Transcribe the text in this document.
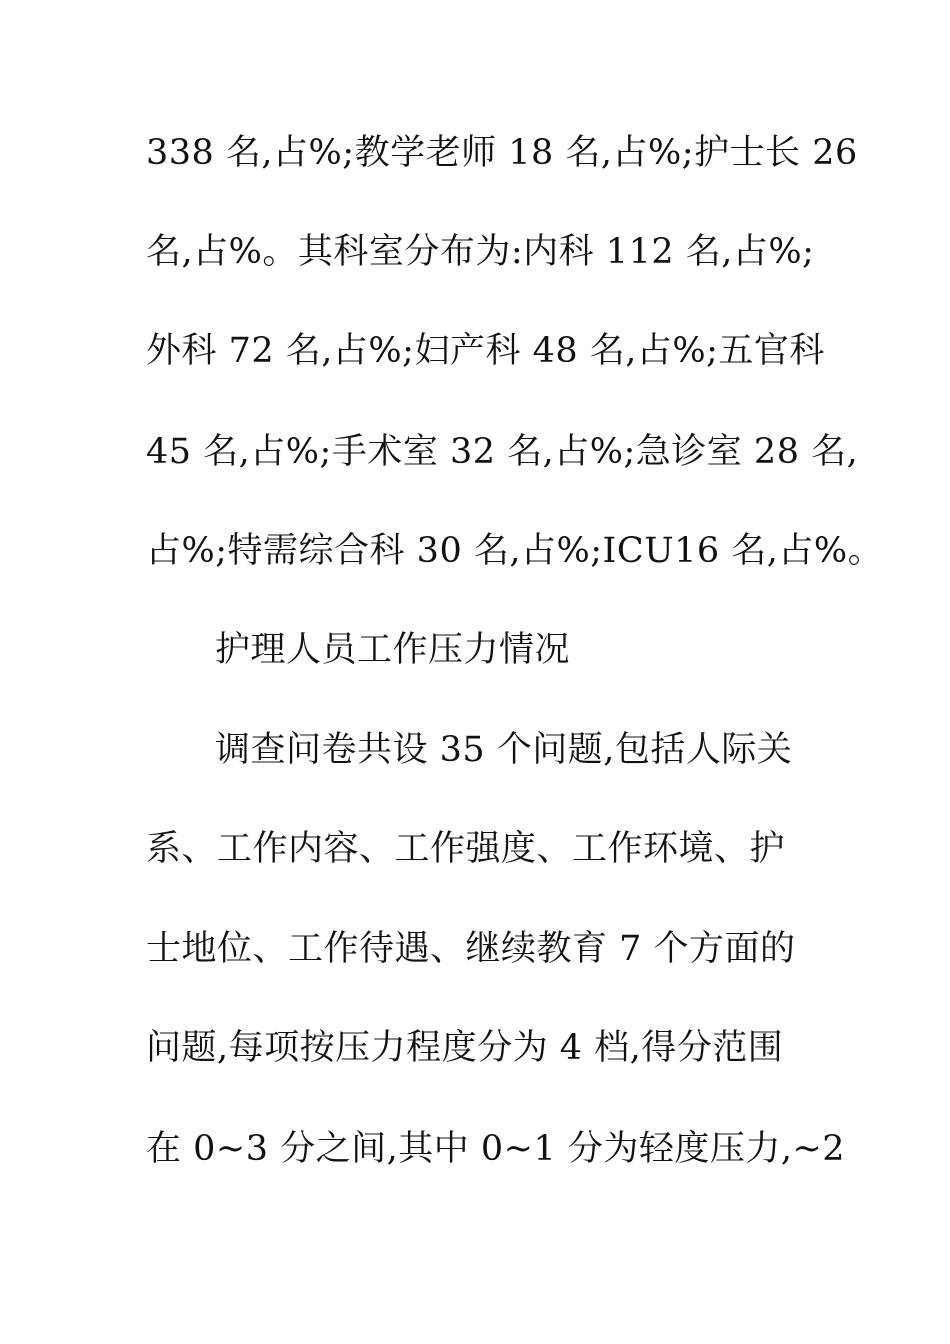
338 名,占%;教学老师 18 名,占%;护士长 26
名,占%。其科室分布为:内科 112 名,占%;
外科 72 名,占%;妇产科 48 名,占%;五官科
45 名,占%;手术室 32 名,占%;急诊室 28 名,
占%;特需综合科 30 名,占%;ICU16 名,占%。
护理人员工作压力情况
调查问卷共设 35 个问题,包括人际关
系、工作内容、工作强度、工作环境、护
士地位、工作待遇、继续教育 7 个方面的
问题,每项按压力程度分为 4 档,得分范围
在 0~3 分之间,其中 0~1 分为轻度压力,~2
